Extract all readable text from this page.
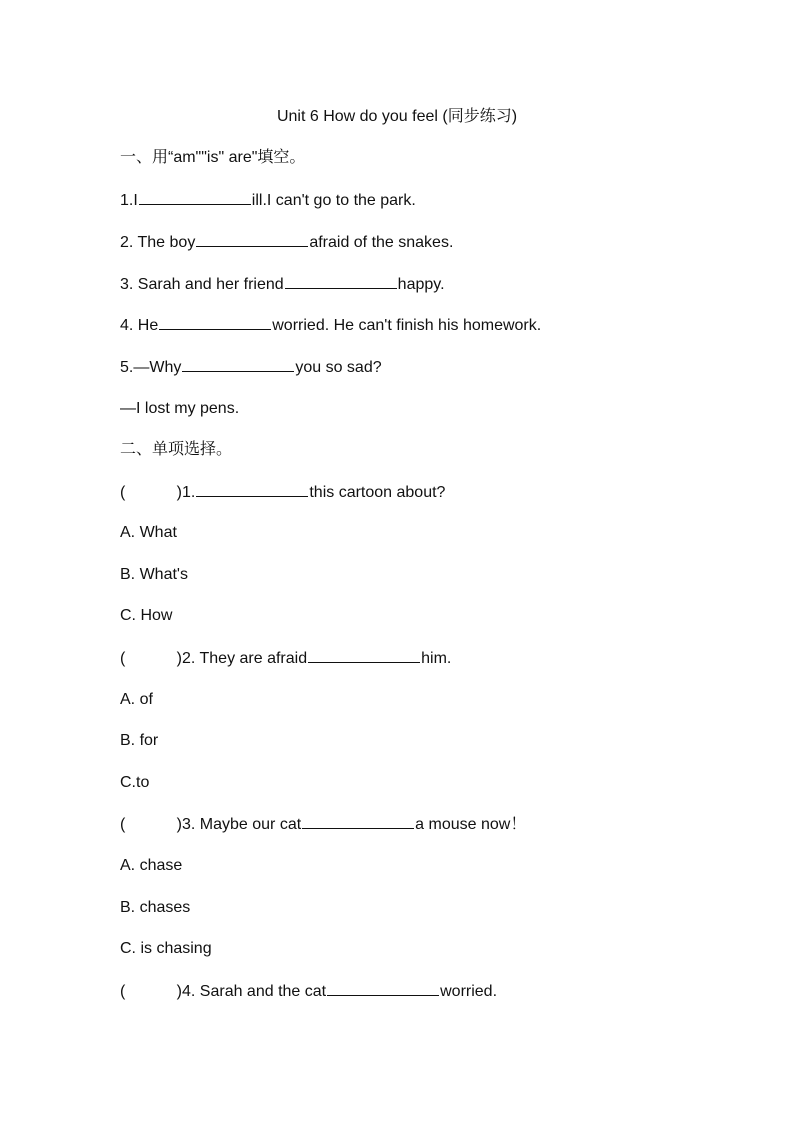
Unit 6 How do you feel (同步练习)
一、用“am""is" are"填空。
1.I	ill.I can't go to the park.
2. The boy	afraid of the snakes.
3. Sarah and her friend	happy.
4. He	worried. He can't finish his homework.
5.—Why	you so sad?
—I lost my pens.
二、单项选择。
(	) 1.	this cartoon about?
A. What
B. What's
C. How
(	) 2. They are afraid	him.
A. of
B. for
C.to
(	) 3. Maybe our cat	a mouse now！
A. chase
B. chases
C. is chasing
(	) 4. Sarah and the cat	worried.
